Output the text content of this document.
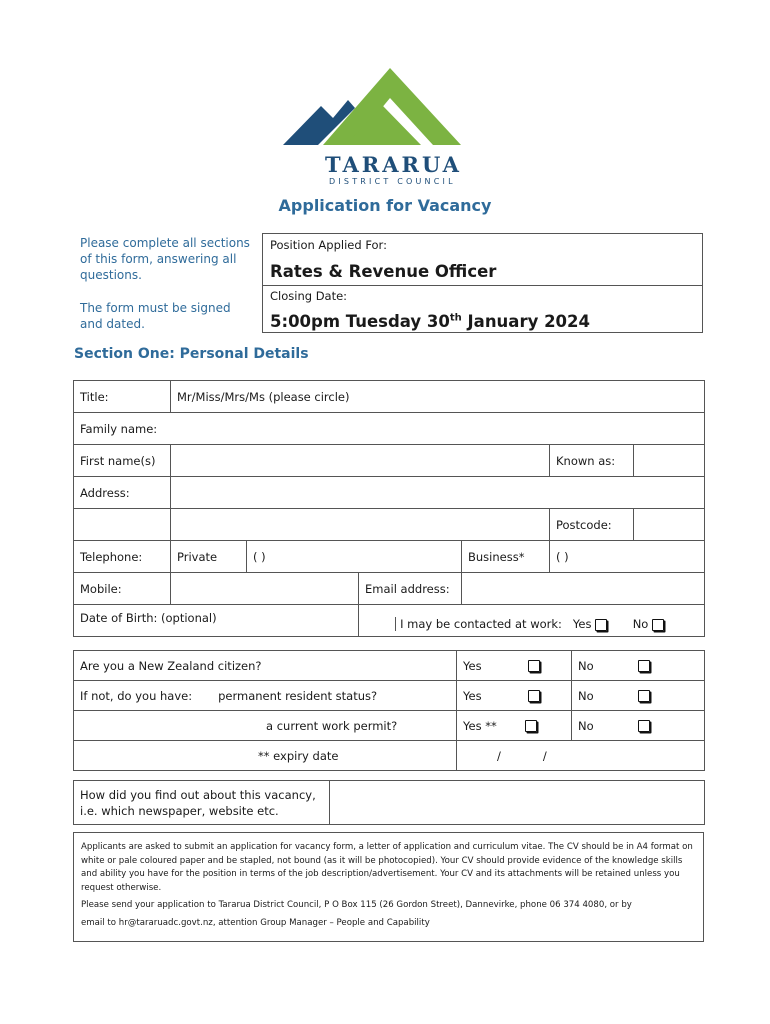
TARARUA
DISTRICT COUNCIL
Application for Vacancy
Please complete all sections of this form, answering all questions.
The form must be signed and dated.
Position Applied For:
Rates & Revenue Officer
Closing Date:
5:00pm Tuesday 30th January 2024
Section One: Personal Details
Title:	Mr/Miss/Mrs/Ms (please circle)					
Family name:						
First name(s)					Known as:	
Address:						
					Postcode:	
Telephone:	Private	( )		Business*	( )	
Mobile:			Email address:			
Date of Birth: (optional)			I may be contacted at work: Yes No			
Are you a New Zealand citizen?	Yes	No
If not, do you have: permanent resident status?	Yes	No
a current work permit?	Yes **	No
** expiry date	/ /	
How did you find out about this vacancy, i.e. which newspaper, website etc.	

Applicants are asked to submit an application for vacancy form, a letter of application and curriculum vitae. The CV should be in A4 format on white or pale coloured paper and be stapled, not bound (as it will be photocopied). Your CV should provide evidence of the knowledge skills and ability you have for the position in terms of the job description/advertisement. Your CV and its attachments will be retained unless you request otherwise.

Please send your application to Tararua District Council, P O Box 115 (26 Gordon Street), Dannevirke, phone 06 374 4080, or by

email to hr@tararuadc.govt.nz, attention Group Manager – People and Capability
